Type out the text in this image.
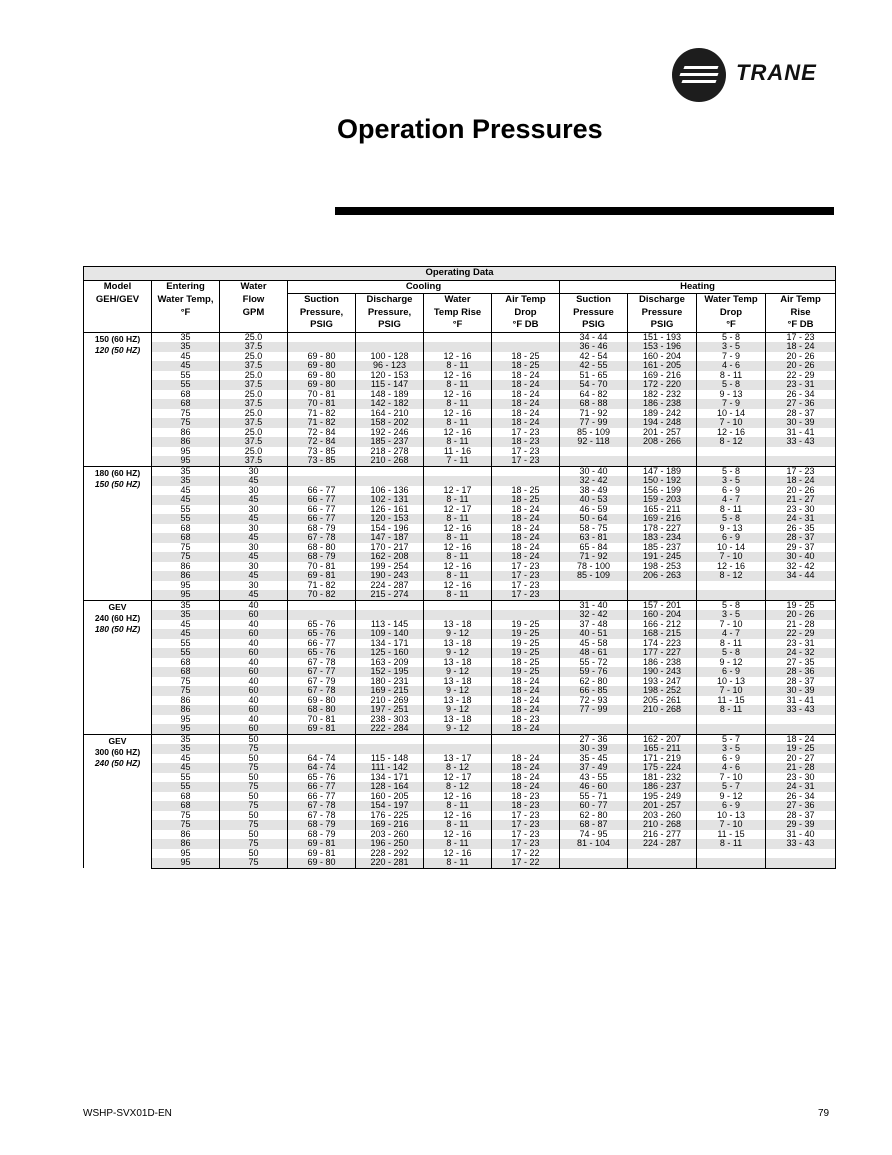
TRANE
Operation Pressures
Operating Data										
Model	Entering	Water	Cooling				Heating			
GEH/GEV	Water Temp,	Flow	Suction	Discharge	Water	Air Temp	Suction	Discharge	Water Temp	Air Temp
	°F	GPM	Pressure,	Pressure,	Temp Rise	Drop	Pressure	Pressure	Drop	Rise
			PSIG	PSIG	°F	°F DB	PSIG	PSIG	°F	°F DB

150 (60 HZ)
120 (50 HZ)	35	25.0					34 - 44	151 - 193	5 - 8	17 - 23
	35	37.5					36 - 46	153 - 196	3 - 5	18 - 24
	45	25.0	69 - 80	100 - 128	12 - 16	18 - 25	42 - 54	160 - 204	7 - 9	20 - 26
	45	37.5	69 - 80	96 - 123	8 - 11	18 - 25	42 - 55	161 - 205	4 - 6	20 - 26
	55	25.0	69 - 80	120 - 153	12 - 16	18 - 24	51 - 65	169 - 216	8 - 11	22 - 29
	55	37.5	69 - 80	115 - 147	8 - 11	18 - 24	54 - 70	172 - 220	5 - 8	23 - 31
	68	25.0	70 - 81	148 - 189	12 - 16	18 - 24	64 - 82	182 - 232	9 - 13	26 - 34
	68	37.5	70 - 81	142 - 182	8 - 11	18 - 24	68 - 88	186 - 238	7 - 9	27 - 36
	75	25.0	71 - 82	164 - 210	12 - 16	18 - 24	71 - 92	189 - 242	10 - 14	28 - 37
	75	37.5	71 - 82	158 - 202	8 - 11	18 - 24	77 - 99	194 - 248	7 - 10	30 - 39
	86	25.0	72 - 84	192 - 246	12 - 16	17 - 23	85 - 109	201 - 257	12 - 16	31 - 41
	86	37.5	72 - 84	185 - 237	8 - 11	18 - 23	92 - 118	208 - 266	8 - 12	33 - 43
	95	25.0	73 - 85	218 - 278	11 - 16	17 - 23				
	95	37.5	73 - 85	210 - 268	7 - 11	17 - 23				

180 (60 HZ)
150 (50 HZ)	35	30					30 - 40	147 - 189	5 - 8	17 - 23
	35	45					32 - 42	150 - 192	3 - 5	18 - 24
	45	30	66 - 77	106 - 136	12 - 17	18 - 25	38 - 49	156 - 199	6 - 9	20 - 26
	45	45	66 - 77	102 - 131	8 - 11	18 - 25	40 - 53	159 - 203	4 - 7	21 - 27
	55	30	66 - 77	126 - 161	12 - 17	18 - 24	46 - 59	165 - 211	8 - 11	23 - 30
	55	45	66 - 77	120 - 153	8 - 11	18 - 24	50 - 64	169 - 216	5 - 8	24 - 31
	68	30	68 - 79	154 - 196	12 - 16	18 - 24	58 - 75	178 - 227	9 - 13	26 - 35
	68	45	67 - 78	147 - 187	8 - 11	18 - 24	63 - 81	183 - 234	6 - 9	28 - 37
	75	30	68 - 80	170 - 217	12 - 16	18 - 24	65 - 84	185 - 237	10 - 14	29 - 37
	75	45	68 - 79	162 - 208	8 - 11	18 - 24	71 - 92	191 - 245	7 - 10	30 - 40
	86	30	70 - 81	199 - 254	12 - 16	17 - 23	78 - 100	198 - 253	12 - 16	32 - 42
	86	45	69 - 81	190 - 243	8 - 11	17 - 23	85 - 109	206 - 263	8 - 12	34 - 44
	95	30	71 - 82	224 - 287	12 - 16	17 - 23				
	95	45	70 - 82	215 - 274	8 - 11	17 - 23				

GEV
240 (60 HZ)
180 (50 HZ)	35	40					31 - 40	157 - 201	5 - 8	19 - 25
	35	60					32 - 42	160 - 204	3 - 5	20 - 26
	45	40	65 - 76	113 - 145	13 - 18	19 - 25	37 - 48	166 - 212	7 - 10	21 - 28
	45	60	65 - 76	109 - 140	9 - 12	19 - 25	40 - 51	168 - 215	4 - 7	22 - 29
	55	40	66 - 77	134 - 171	13 - 18	19 - 25	45 - 58	174 - 223	8 - 11	23 - 31
	55	60	65 - 76	125 - 160	9 - 12	19 - 25	48 - 61	177 - 227	5 - 8	24 - 32
	68	40	67 - 78	163 - 209	13 - 18	18 - 25	55 - 72	186 - 238	9 - 12	27 - 35
	68	60	67 - 77	152 - 195	9 - 12	19 - 25	59 - 76	190 - 243	6 - 9	28 - 36
	75	40	67 - 79	180 - 231	13 - 18	18 - 24	62 - 80	193 - 247	10 - 13	28 - 37
	75	60	67 - 78	169 - 215	9 - 12	18 - 24	66 - 85	198 - 252	7 - 10	30 - 39
	86	40	69 - 80	210 - 269	13 - 18	18 - 24	72 - 93	205 - 261	11 - 15	31 - 41
	86	60	68 - 80	197 - 251	9 - 12	18 - 24	77 - 99	210 - 268	8 - 11	33 - 43
	95	40	70 - 81	238 - 303	13 - 18	18 - 23				
	95	60	69 - 81	222 - 284	9 - 12	18 - 24				

GEV
300 (60 HZ)
240 (50 HZ)	35	50					27 - 36	162 - 207	5 - 7	18 - 24
	35	75					30 - 39	165 - 211	3 - 5	19 - 25
	45	50	64 - 74	115 - 148	13 - 17	18 - 24	35 - 45	171 - 219	6 - 9	20 - 27
	45	75	64 - 74	111 - 142	8 - 12	18 - 24	37 - 49	175 - 224	4 - 6	21 - 28
	55	50	65 - 76	134 - 171	12 - 17	18 - 24	43 - 55	181 - 232	7 - 10	23 - 30
	55	75	66 - 77	128 - 164	8 - 12	18 - 24	46 - 60	186 - 237	5 - 7	24 - 31
	68	50	66 - 77	160 - 205	12 - 16	18 - 23	55 - 71	195 - 249	9 - 12	26 - 34
	68	75	67 - 78	154 - 197	8 - 11	18 - 23	60 - 77	201 - 257	6 - 9	27 - 36
	75	50	67 - 78	176 - 225	12 - 16	17 - 23	62 - 80	203 - 260	10 - 13	28 - 37
	75	75	68 - 79	169 - 216	8 - 11	17 - 23	68 - 87	210 - 268	7 - 10	29 - 39
	86	50	68 - 79	203 - 260	12 - 16	17 - 23	74 - 95	216 - 277	11 - 15	31 - 40
	86	75	69 - 81	196 - 250	8 - 11	17 - 23	81 - 104	224 - 287	8 - 11	33 - 43
	95	50	69 - 81	228 - 292	12 - 16	17 - 22				
	95	75	69 - 80	220 - 281	8 - 11	17 - 22				
WSHP-SVX01D-EN	79
